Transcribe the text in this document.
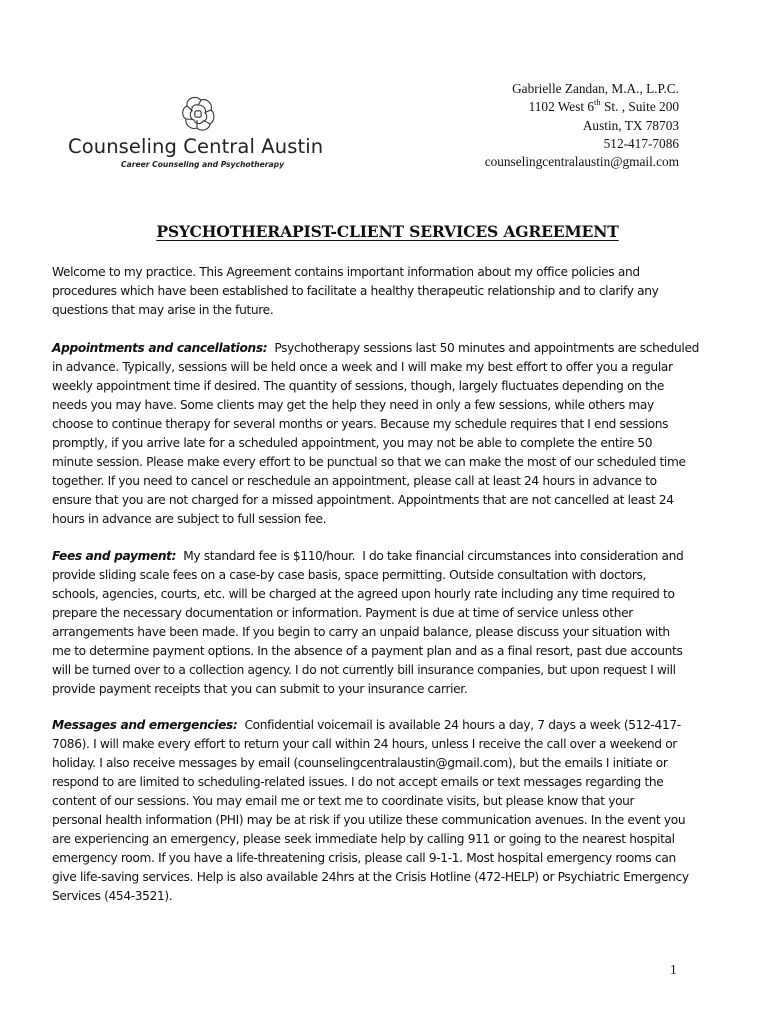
Counseling Central Austin
Career Counseling and Psychotherapy
Gabrielle Zandan, M.A., L.P.C.
1102 West 6th St. , Suite 200
Austin, TX 78703
512-417-7086
counselingcentralaustin@gmail.com
PSYCHOTHERAPIST-CLIENT SERVICES AGREEMENT
Welcome to my practice. This Agreement contains important information about my office policies and
procedures which have been established to facilitate a healthy therapeutic relationship and to clarify any
questions that may arise in the future.
Appointments and cancellations:  Psychotherapy sessions last 50 minutes and appointments are scheduled
in advance. Typically, sessions will be held once a week and I will make my best effort to offer you a regular
weekly appointment time if desired. The quantity of sessions, though, largely fluctuates depending on the
needs you may have. Some clients may get the help they need in only a few sessions, while others may
choose to continue therapy for several months or years. Because my schedule requires that I end sessions
promptly, if you arrive late for a scheduled appointment, you may not be able to complete the entire 50
minute session. Please make every effort to be punctual so that we can make the most of our scheduled time
together. If you need to cancel or reschedule an appointment, please call at least 24 hours in advance to
ensure that you are not charged for a missed appointment. Appointments that are not cancelled at least 24
hours in advance are subject to full session fee.
Fees and payment:  My standard fee is $110/hour.  I do take financial circumstances into consideration and
provide sliding scale fees on a case-by case basis, space permitting. Outside consultation with doctors,
schools, agencies, courts, etc. will be charged at the agreed upon hourly rate including any time required to
prepare the necessary documentation or information. Payment is due at time of service unless other
arrangements have been made. If you begin to carry an unpaid balance, please discuss your situation with
me to determine payment options. In the absence of a payment plan and as a final resort, past due accounts
will be turned over to a collection agency. I do not currently bill insurance companies, but upon request I will
provide payment receipts that you can submit to your insurance carrier.
Messages and emergencies:  Confidential voicemail is available 24 hours a day, 7 days a week (512-417-
7086). I will make every effort to return your call within 24 hours, unless I receive the call over a weekend or
holiday. I also receive messages by email (counselingcentralaustin@gmail.com), but the emails I initiate or
respond to are limited to scheduling-related issues. I do not accept emails or text messages regarding the
content of our sessions. You may email me or text me to coordinate visits, but please know that your
personal health information (PHI) may be at risk if you utilize these communication avenues. In the event you
are experiencing an emergency, please seek immediate help by calling 911 or going to the nearest hospital
emergency room. If you have a life-threatening crisis, please call 9-1-1. Most hospital emergency rooms can
give life-saving services. Help is also available 24hrs at the Crisis Hotline (472-HELP) or Psychiatric Emergency
Services (454-3521).
1
